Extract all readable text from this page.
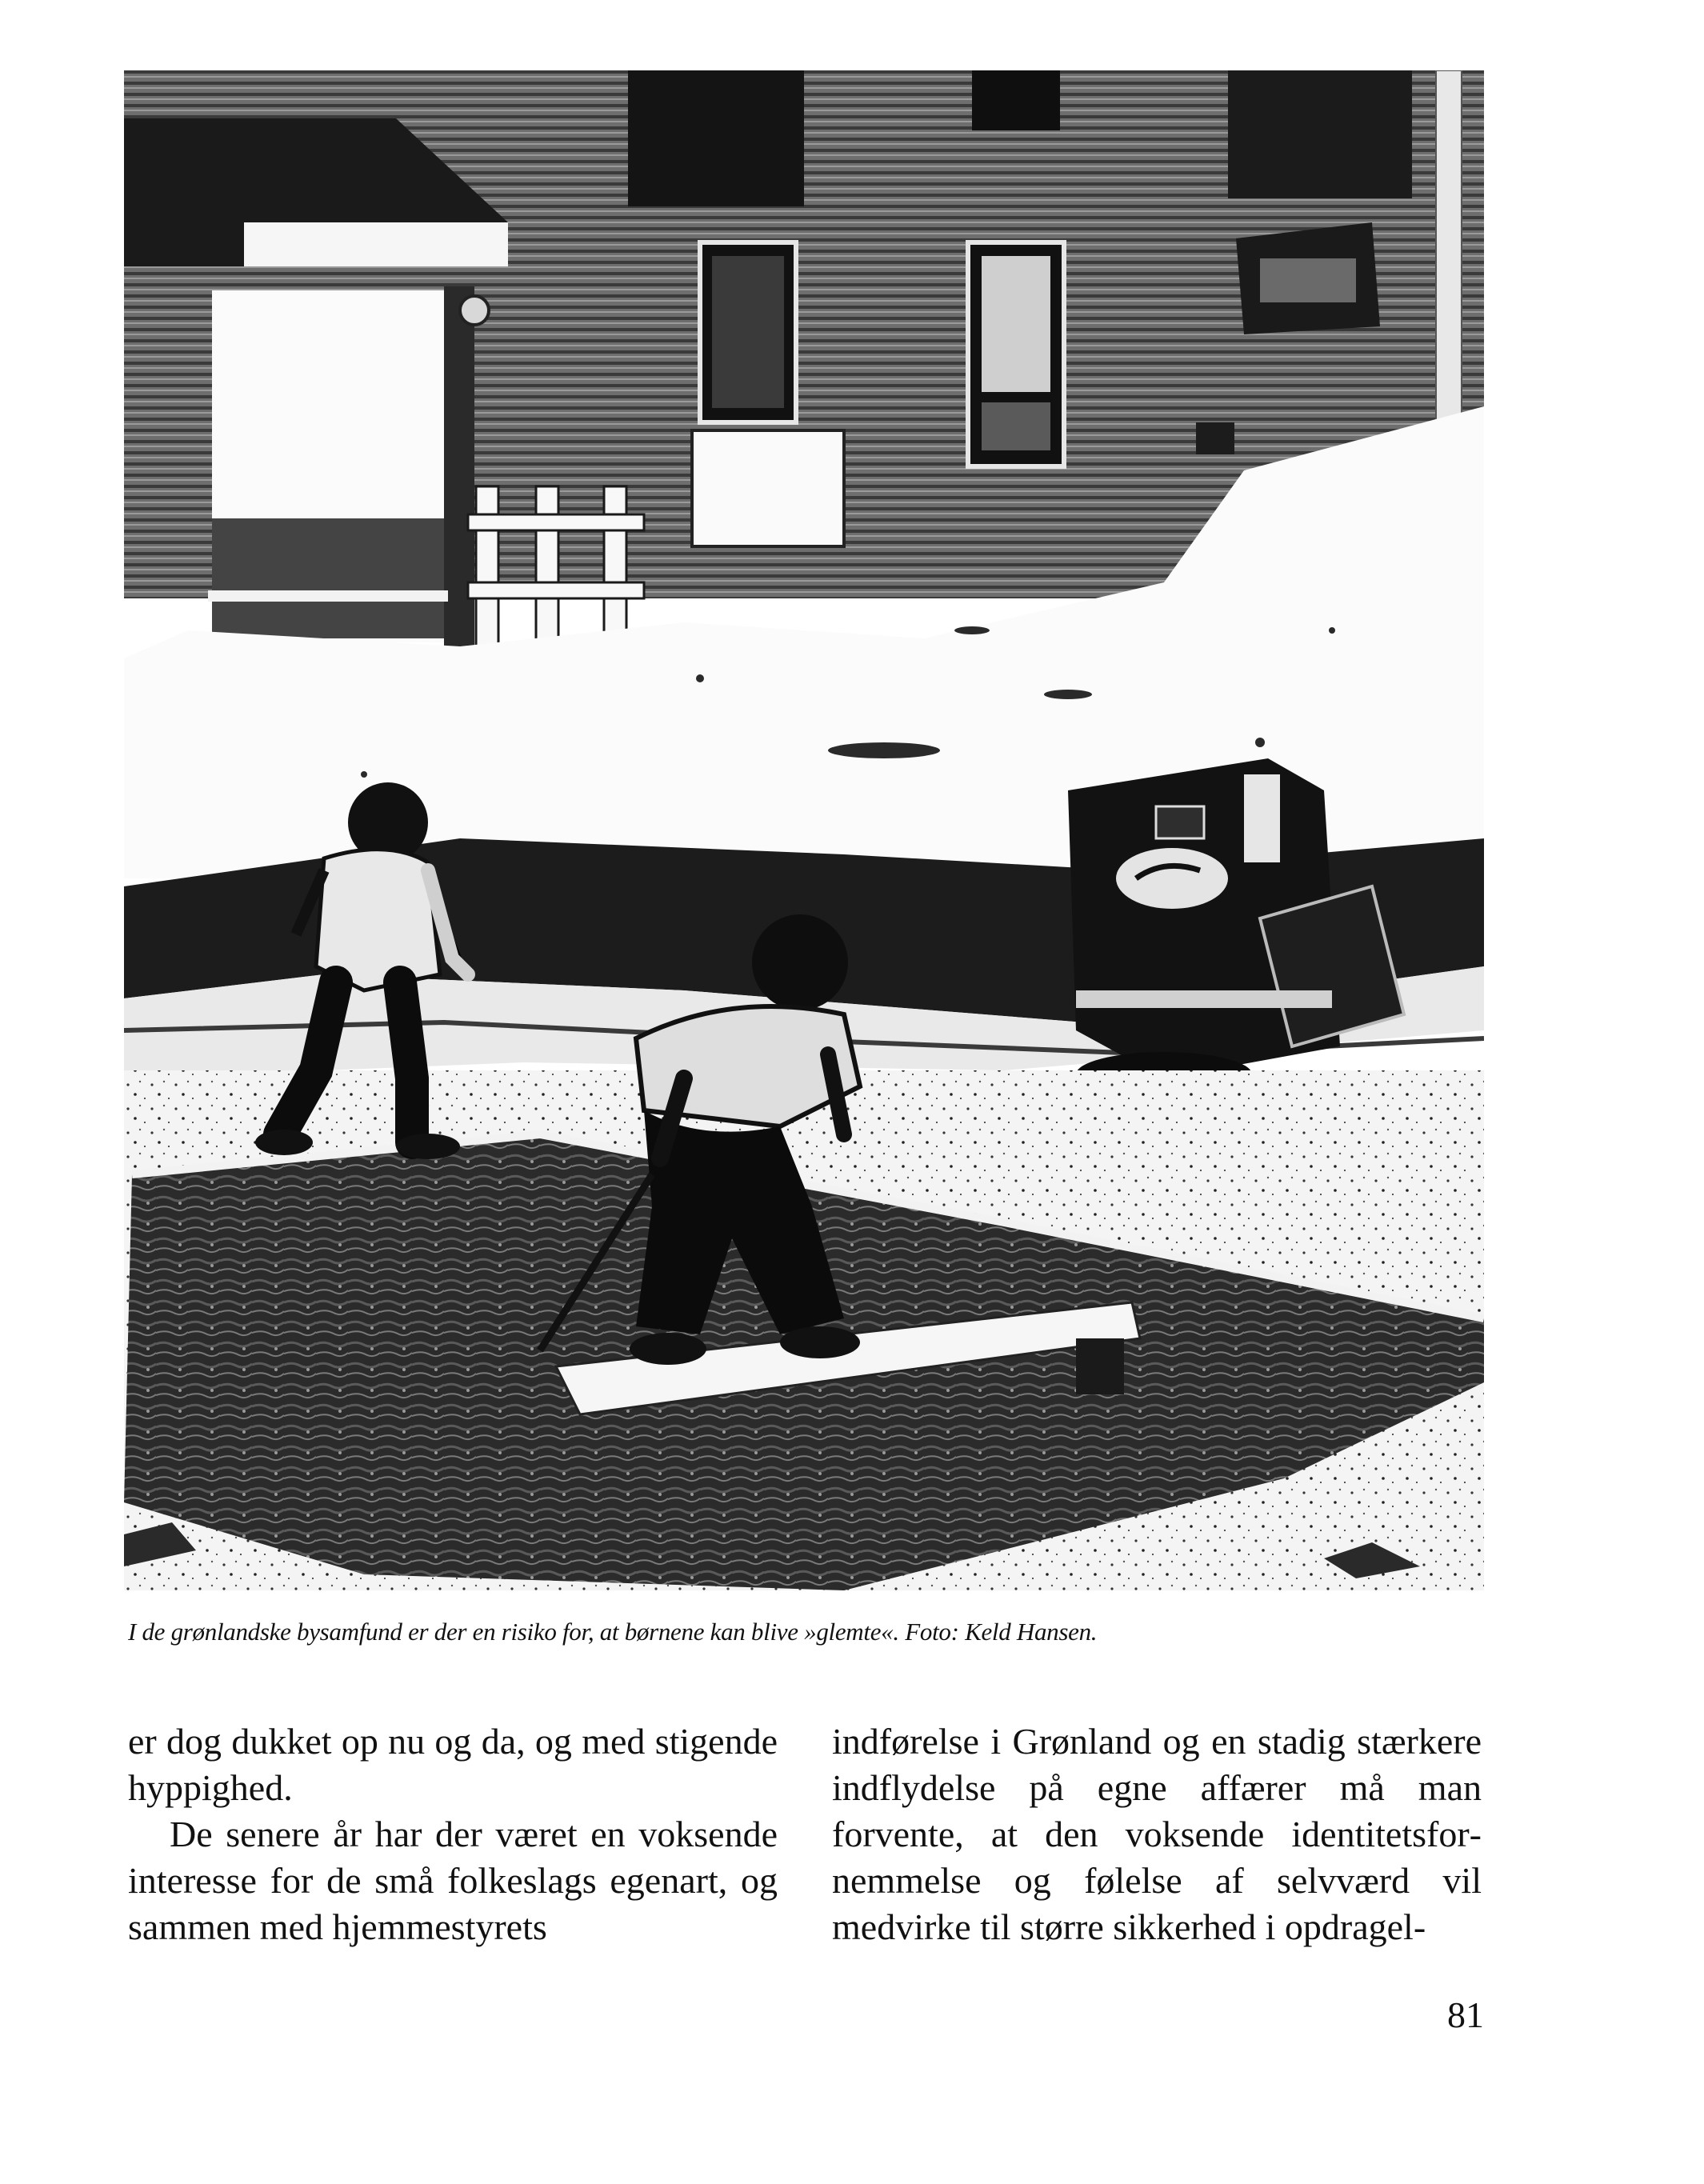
I de grønlandske bysamfund er der en risiko for, at børnene kan blive »glemte«. Foto: Keld Hansen.

er dog dukket op nu og da, og med stigende hyppighed.

De senere år har der været en voksende interesse for de små folkeslags egenart, og sammen med hjemmestyrets

indførelse i Grønland og en stadig stærkere indflydelse på egne affærer må man forvente, at den voksende identitetsfornemmelse og følelse af selvværd vil medvirke til større sikkerhed i opdragel-

81
